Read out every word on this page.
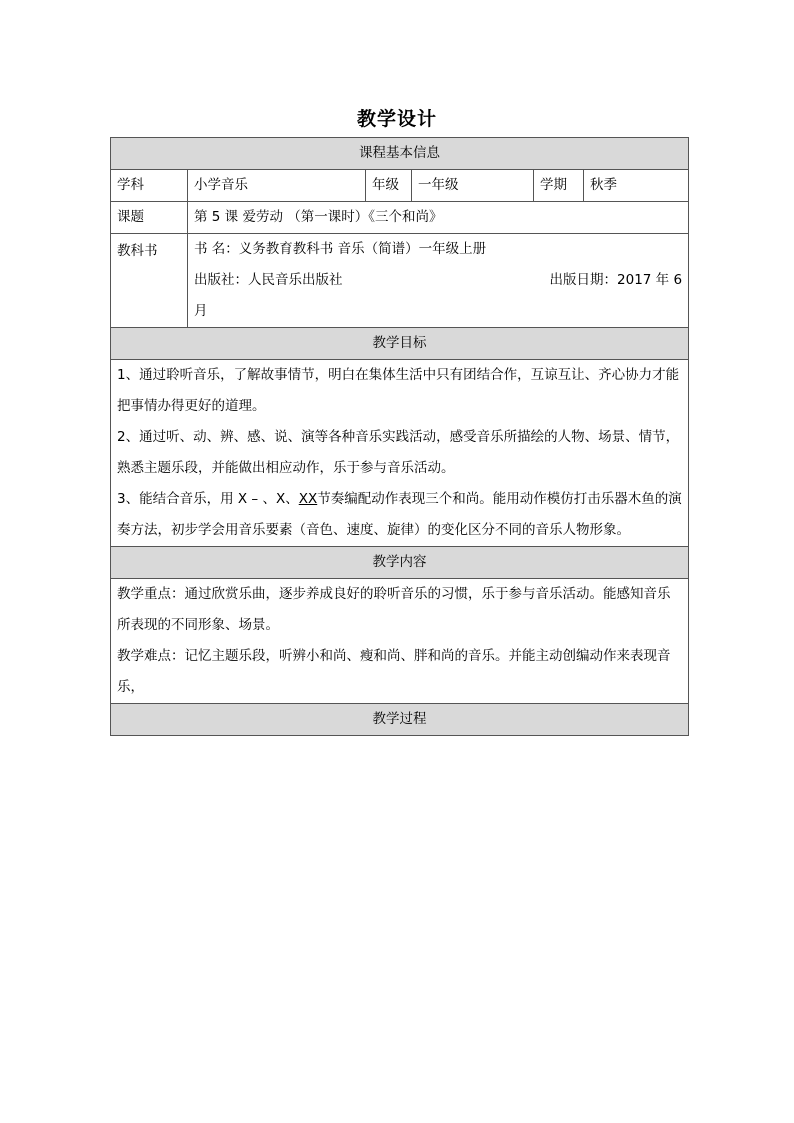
教学设计
课程基本信息					
学科	小学音乐	年级	一年级	学期	秋季
课题	第 5 课 爱劳动 （第一课时）《三个和尚》				
教科书	书 名：义务教育教科书 音乐（简谱）一年级上册
出版社：人民音乐出版社 出版日期：2017 年 6
月				

教学目标					

1、通过聆听音乐，了解故事情节，明白在集体生活中只有团结合作，互谅互让、齐心协力才能把事情办得更好的道理。
2、通过听、动、辨、感、说、演等各种音乐实践活动，感受音乐所描绘的人物、场景、情节，熟悉主题乐段，并能做出相应动作，乐于参与音乐活动。
3、能结合音乐，用 X – 、X、XX节奏编配动作表现三个和尚。能用动作模仿打击乐器木鱼的演奏方法，初步学会用音乐要素（音色、速度、旋律）的变化区分不同的音乐人物形象。					

教学内容					

教学重点：通过欣赏乐曲，逐步养成良好的聆听音乐的习惯，乐于参与音乐活动。能感知音乐所表现的不同形象、场景。
教学难点：记忆主题乐段，听辨小和尚、瘦和尚、胖和尚的音乐。并能主动创编动作来表现音乐，					

教学过程					
